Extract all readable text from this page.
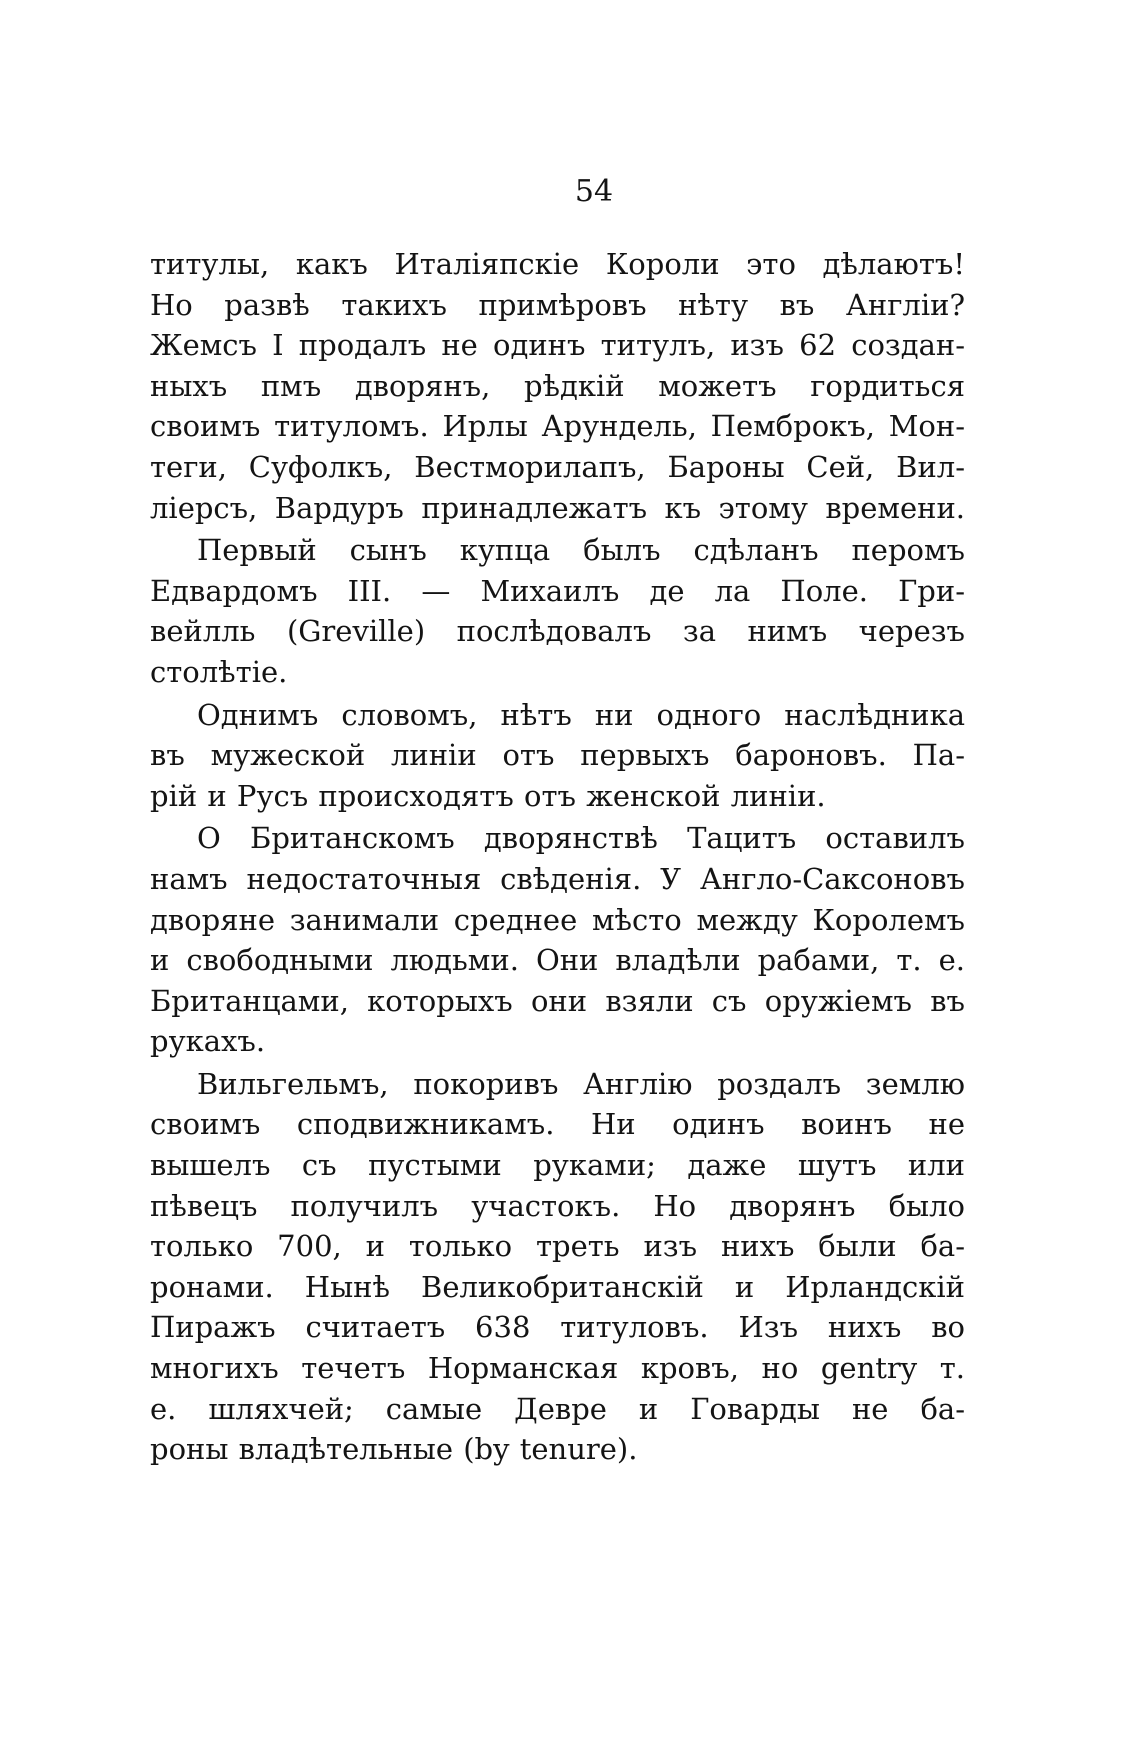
54

титулы, какъ Италіяпскіе Короли это дѣлаютъ!
Но развѣ такихъ примѣровъ нѣту въ Англіи?
Жемсъ I продалъ не одинъ титулъ, изъ 62 создан-
ныхъ пмъ дворянъ, рѣдкій можетъ гордиться
своимъ титуломъ. Ирлы Арундель, Пемброкъ, Мон-
теги, Суфолкъ, Вестморилапъ, Бароны Сей, Вил-
ліерсъ, Вардуръ принадлежатъ къ этому времени.

Первый сынъ купца былъ сдѣланъ перомъ
Едвардомъ III. — Михаилъ де ла Поле. Гри-
вейлль (Greville) послѣдовалъ за нимъ черезъ
столѣтіе.

Однимъ словомъ, нѣтъ ни одного наслѣдника
въ мужеской линіи отъ первыхъ бароновъ. Па-
рій и Русъ происходятъ отъ женской линіи.

О Британскомъ дворянствѣ Тацитъ оставилъ
намъ недостаточныя свѣденія. У Англо-Саксоновъ
дворяне занимали среднее мѣсто между Королемъ
и свободными людьми. Они владѣли рабами, т. е.
Британцами, которыхъ они взяли съ оружіемъ въ
рукахъ.

Вильгельмъ, покоривъ Англію роздалъ землю
своимъ сподвижникамъ. Ни одинъ воинъ не
вышелъ съ пустыми руками; даже шутъ или
пѣвецъ получилъ участокъ. Но дворянъ было
только 700, и только треть изъ нихъ были ба-
ронами. Нынѣ Великобританскій и Ирландскій
Пиражъ считаетъ 638 титуловъ. Изъ нихъ во
многихъ течетъ Норманская кровъ, но gentry т.
е. шляхчей; самые Девре и Говарды не ба-
роны владѣтельные (by tenure).
